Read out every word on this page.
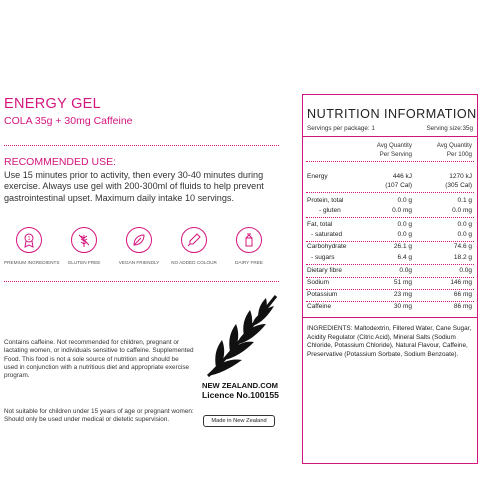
ENERGY GEL
COLA 35g + 30mg Caffeine
RECOMMENDED USE:
Use 15 minutes prior to activity, then every 30-40 minutes during exercise. Always use gel with 200-300ml of fluids to help prevent gastrointestinal upset. Maximum daily intake 10 servings.
1
PREMIUM INGREDIENTS	GLUTEN FREE	VEGAN FRIENDLY	NO ADDED COLOUR	DAIRY FREE
Contains caffeine. Not recommended for children, pregnant or lactating women, or individuals sensitive to caffeine. Supplemented Food. This food is not a sole source of nutrition and should be used in conjunction with a nutritious diet and appropriate exercise program.
Not suitable for children under 15 years of age or pregnant women: Should only be used under medical or dietetic supervision.
NEW ZEALAND.COM
Licence No.100155
Made in New Zealand
NUTRITION INFORMATION
Servings per package: 1	Serving size:35g
Avg Quantity
Per Serving
Avg Quantity
Per 100g
Energy	446 kJ	1270 kJ
(107 Cal)	(305 Cal)
Protein, total	0.0 g	0.1 g
- gluten	0.0 mg	0.0 mg
Fat, total	0.0 g	0.0 g
- saturated	0.0 g	0.0 g
Carbohydrate	26.1 g	74.6 g
- sugars	6.4 g	18.2 g
Dietary fibre	0.0g	0.0g
Sodium	51 mg	146 mg
Potassium	23 mg	66 mg
Caffeine	30 mg	86 mg
INGREDIENTS: Maltodextrin, Filtered Water, Cane Sugar, Acidity Regulator (Citric Acid), Mineral Salts (Sodium Chloride, Potassium Chloride), Natural Flavour, Caffeine, Preservative (Potassium Sorbate, Sodium Benzoate).
